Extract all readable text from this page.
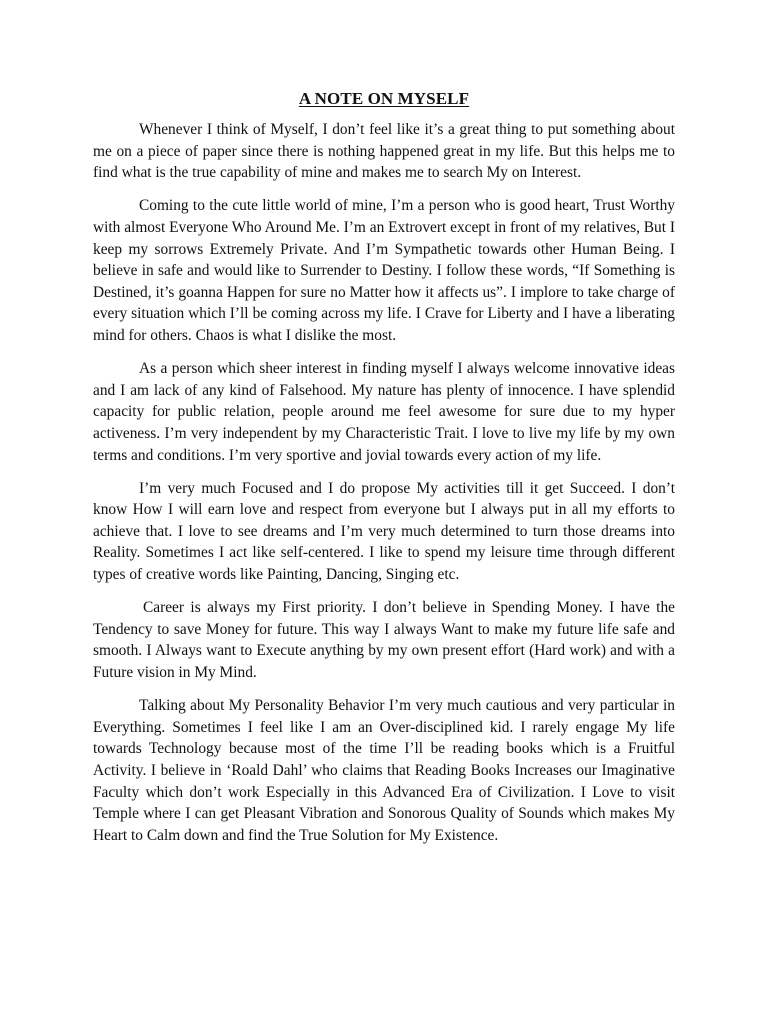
A NOTE ON MYSELF

Whenever I think of Myself, I don’t feel like it’s a great thing to put something about me on a piece of paper since there is nothing happened great in my life. But this helps me to find what is the true capability of mine and makes me to search My on Interest.

Coming to the cute little world of mine, I’m a person who is good heart, Trust Worthy with almost Everyone Who Around Me. I’m an Extrovert except in front of my relatives, But I keep my sorrows Extremely Private. And I’m Sympathetic towards other Human Being. I believe in safe and would like to Surrender to Destiny. I follow these words, “If Something is Destined, it’s goanna Happen for sure no Matter how it affects us”. I implore to take charge of every situation which I’ll be coming across my life. I Crave for Liberty and I have a liberating mind for others. Chaos is what I dislike the most.

As a person which sheer interest in finding myself I always welcome innovative ideas and I am lack of any kind of Falsehood. My nature has plenty of innocence. I have splendid capacity for public relation, people around me feel awesome for sure due to my hyper activeness. I’m very independent by my Characteristic Trait. I love to live my life by my own terms and conditions. I’m very sportive and jovial towards every action of my life.

I’m very much Focused and I do propose My activities till it get Succeed. I don’t know How I will earn love and respect from everyone but I always put in all my efforts to achieve that. I love to see dreams and I’m very much determined to turn those dreams into Reality. Sometimes I act like self-centered. I like to spend my leisure time through different types of creative words like Painting, Dancing, Singing etc.

Career is always my First priority. I don’t believe in Spending Money. I have the Tendency to save Money for future. This way I always Want to make my future life safe and smooth. I Always want to Execute anything by my own present effort (Hard work) and with a Future vision in My Mind.

Talking about My Personality Behavior I’m very much cautious and very particular in Everything. Sometimes I feel like I am an Over-disciplined kid. I rarely engage My life towards Technology because most of the time I’ll be reading books which is a Fruitful Activity. I believe in ‘Roald Dahl’ who claims that Reading Books Increases our Imaginative Faculty which don’t work Especially in this Advanced Era of Civilization. I Love to visit Temple where I can get Pleasant Vibration and Sonorous Quality of Sounds which makes My Heart to Calm down and find the True Solution for My Existence.
